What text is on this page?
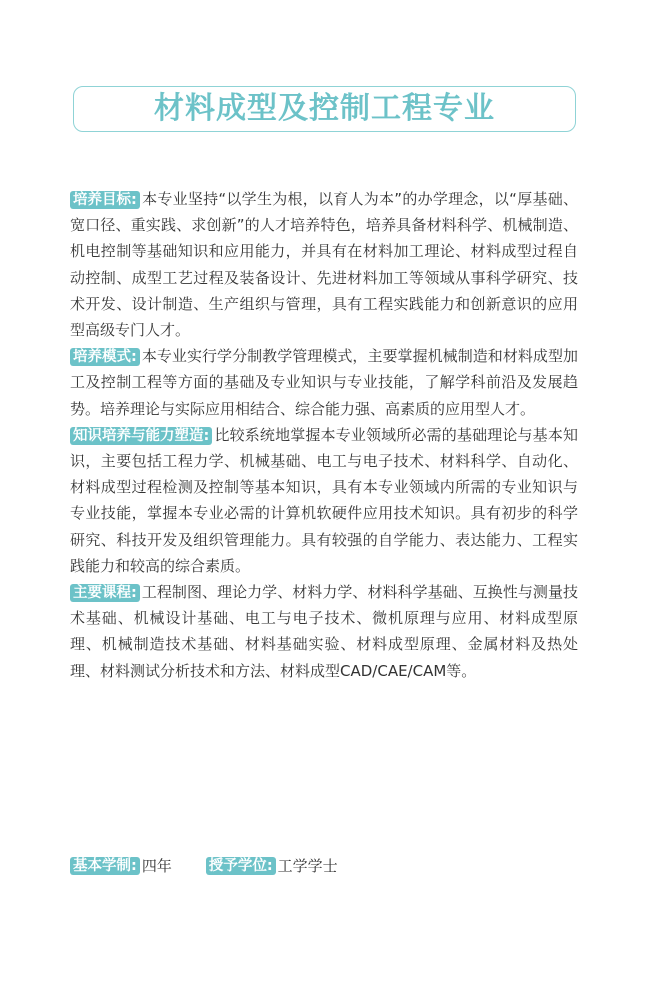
材料成型及控制工程专业

培养目标: 本专业坚持“以学生为根，以育人为本”的办学理念，以“厚基础、宽口径、重实践、求创新”的人才培养特色，培养具备材料科学、机械制造、机电控制等基础知识和应用能力，并具有在材料加工理论、材料成型过程自动控制、成型工艺过程及装备设计、先进材料加工等领域从事科学研究、技术开发、设计制造、生产组织与管理，具有工程实践能力和创新意识的应用型高级专门人才。

培养模式: 本专业实行学分制教学管理模式，主要掌握机械制造和材料成型加工及控制工程等方面的基础及专业知识与专业技能，了解学科前沿及发展趋势。培养理论与实际应用相结合、综合能力强、高素质的应用型人才。

知识培养与能力塑造: 比较系统地掌握本专业领域所必需的基础理论与基本知识，主要包括工程力学、机械基础、电工与电子技术、材料科学、自动化、材料成型过程检测及控制等基本知识，具有本专业领域内所需的专业知识与专业技能，掌握本专业必需的计算机软硬件应用技术知识。具有初步的科学研究、科技开发及组织管理能力。具有较强的自学能力、表达能力、工程实践能力和较高的综合素质。

主要课程: 工程制图、理论力学、材料力学、材料科学基础、互换性与测量技术基础、机械设计基础、电工与电子技术、微机原理与应用、材料成型原理、机械制造技术基础、材料基础实验、材料成型原理、金属材料及热处理、材料测试分析技术和方法、材料成型CAD/CAE/CAM等。

基本学制: 四年	授予学位: 工学学士
